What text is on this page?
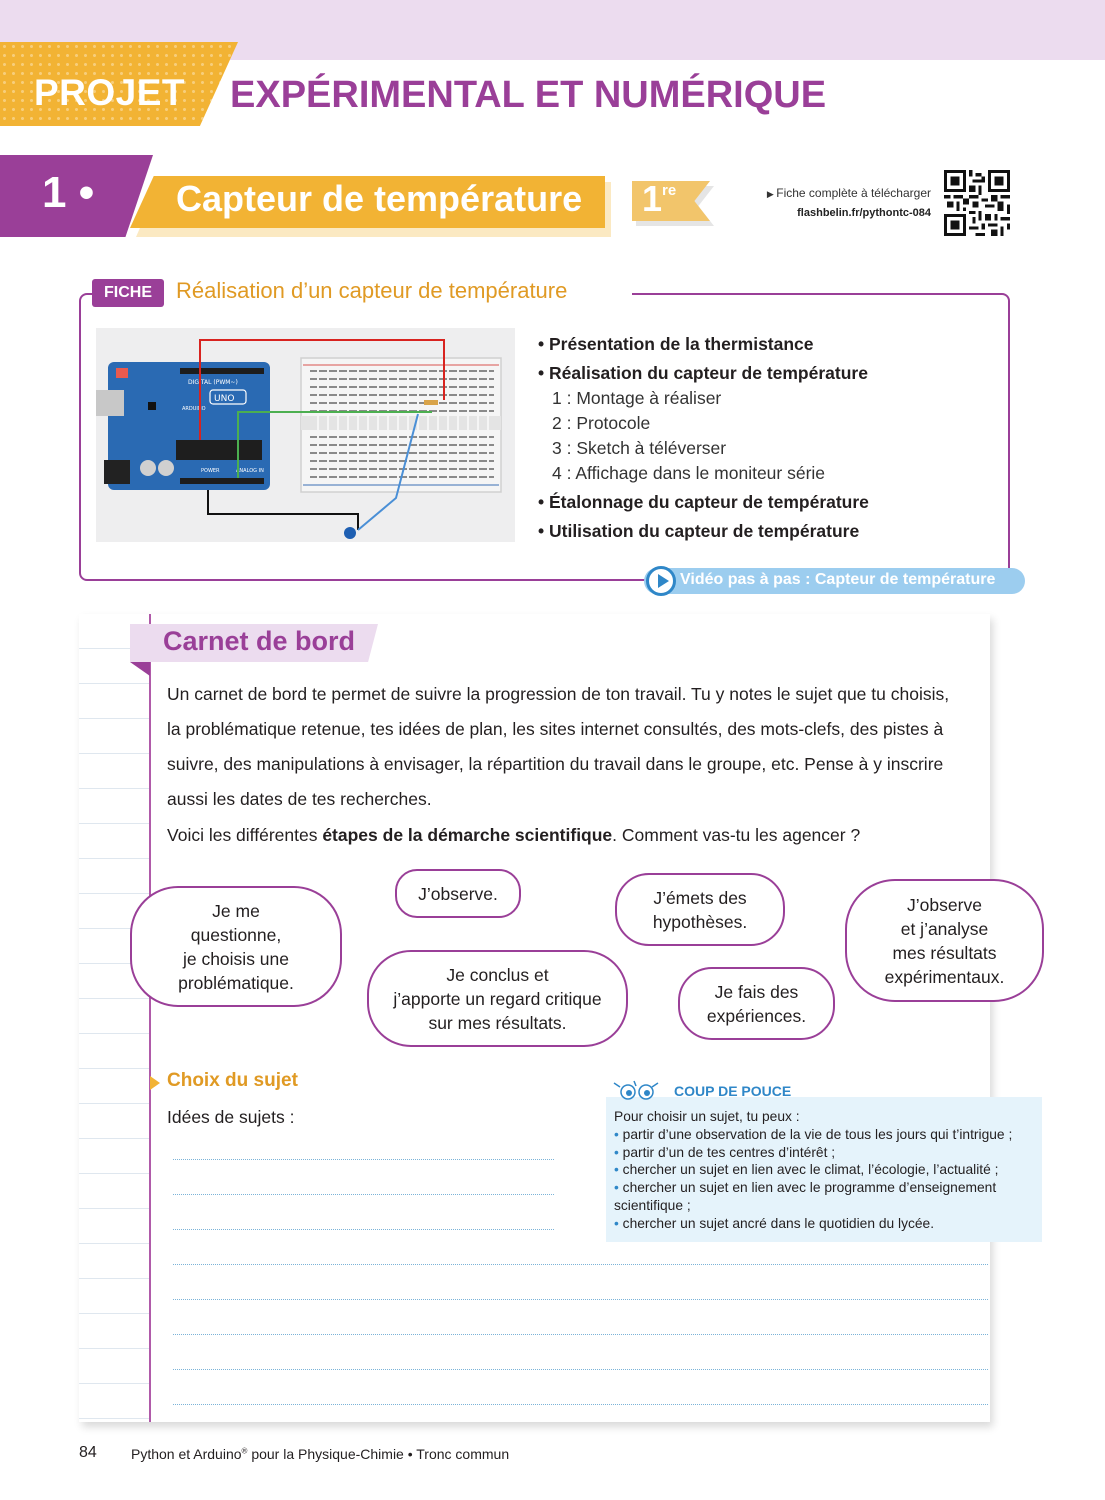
PROJET EXPÉRIMENTAL ET NUMÉRIQUE
1 • Capteur de température 1re	▶ Fiche complète à télécharger
flashbelin.fr/pythontc-084
FICHE	Réalisation d’un capteur de température
DIGITAL (PWM~)
UNO
ARDUINO
POWER	ANALOG IN
• Présentation de la thermistance
• Réalisation du capteur de température
1 : Montage à réaliser
2 : Protocole
3 : Sketch à téléverser
4 : Affichage dans le moniteur série
• Étalonnage du capteur de température
• Utilisation du capteur de température
Vidéo pas à pas : Capteur de température
Carnet de bord
Un carnet de bord te permet de suivre la progression de ton travail. Tu y notes le sujet que tu choisis,
la problématique retenue, tes idées de plan, les sites internet consultés, des mots-clefs, des pistes à
suivre, des manipulations à envisager, la répartition du travail dans le groupe, etc. Pense à y inscrire
aussi les dates de tes recherches.
Voici les différentes étapes de la démarche scientifique. Comment vas-tu les agencer ?
Je me
questionne,
je choisis une
problématique.
J’observe.
Je conclus et
j’apporte un regard critique
sur mes résultats.
J’émets des
hypothèses.
Je fais des
expériences.
J’observe
et j’analyse
mes résultats
expérimentaux.
Choix du sujet
Idées de sujets :
COUP DE POUCE
Pour choisir un sujet, tu peux :
• partir d’une observation de la vie de tous les jours qui t’intrigue ;
• partir d’un de tes centres d’intérêt ;
• chercher un sujet en lien avec le climat, l’écologie, l’actualité ;
• chercher un sujet en lien avec le programme d’enseignement scientifique ;
• chercher un sujet ancré dans le quotidien du lycée.
84 Python et Arduino® pour la Physique-Chimie • Tronc commun
